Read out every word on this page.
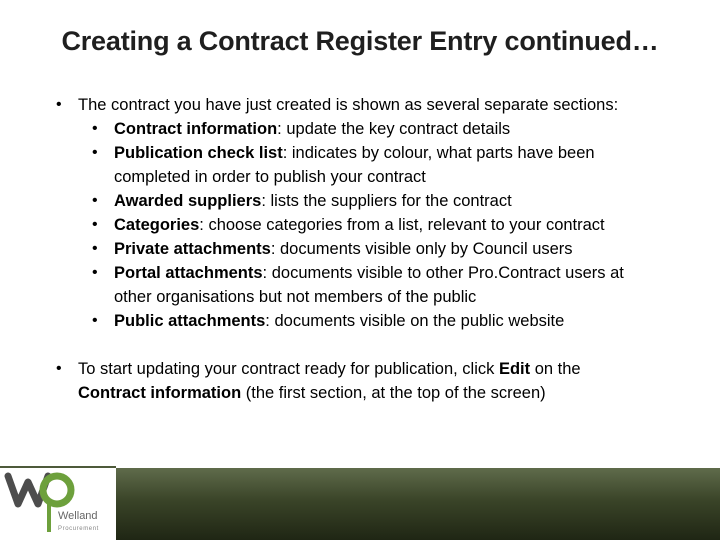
Creating a Contract Register Entry continued…
• The contract you have just created is shown as several separate sections:
• Contract information: update the key contract details
• Publication check list: indicates by colour, what parts have been
completed in order to publish your contract
• Awarded suppliers: lists the suppliers for the contract
• Categories: choose categories from a list, relevant to your contract
• Private attachments: documents visible only by Council users
• Portal attachments: documents visible to other Pro.Contract users at
other organisations but not members of the public
• Public attachments: documents visible on the public website
• To start updating your contract ready for publication, click Edit on the
Contract information (the first section, at the top of the screen)
Welland
Procurement
